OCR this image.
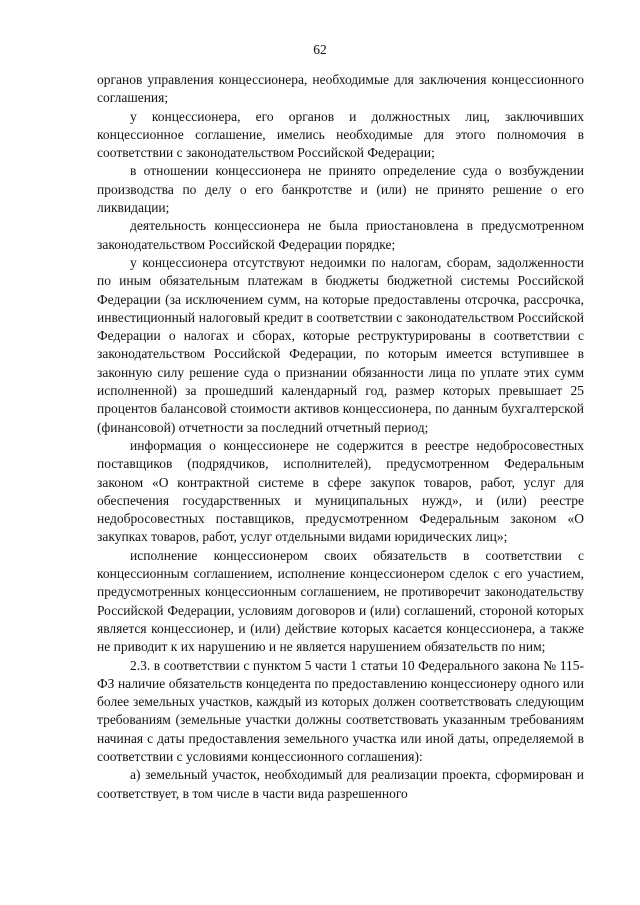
62

органов управления концессионера, необходимые для заключения концессионного соглашения;

у концессионера, его органов и должностных лиц, заключивших концессионное соглашение, имелись необходимые для этого полномочия в соответствии с законодательством Российской Федерации;

в отношении концессионера не принято определение суда о возбуждении производства по делу о его банкротстве и (или) не принято решение о его ликвидации;

деятельность концессионера не была приостановлена в предусмотренном законодательством Российской Федерации порядке;

у концессионера отсутствуют недоимки по налогам, сборам, задолженности по иным обязательным платежам в бюджеты бюджетной системы Российской Федерации (за исключением сумм, на которые предоставлены отсрочка, рассрочка, инвестиционный налоговый кредит в соответствии с законодательством Российской Федерации о налогах и сборах, которые реструктурированы в соответствии с законодательством Российской Федерации, по которым имеется вступившее в законную силу решение суда о признании обязанности лица по уплате этих сумм исполненной) за прошедший календарный год, размер которых превышает 25 процентов балансовой стоимости активов концессионера, по данным бухгалтерской (финансовой) отчетности за последний отчетный период;

информация о концессионере не содержится в реестре недобросовестных поставщиков (подрядчиков, исполнителей), предусмотренном Федеральным законом «О контрактной системе в сфере закупок товаров, работ, услуг для обеспечения государственных и муниципальных нужд», и (или) реестре недобросовестных поставщиков, предусмотренном Федеральным законом «О закупках товаров, работ, услуг отдельными видами юридических лиц»;

исполнение концессионером своих обязательств в соответствии с концессионным соглашением, исполнение концессионером сделок с его участием, предусмотренных концессионным соглашением, не противоречит законодательству Российской Федерации, условиям договоров и (или) соглашений, стороной которых является концессионер, и (или) действие которых касается концессионера, а также не приводит к их нарушению и не является нарушением обязательств по ним;

2.3. в соответствии с пунктом 5 части 1 статьи 10 Федерального закона № 115-ФЗ наличие обязательств концедента по предоставлению концессионеру одного или более земельных участков, каждый из которых должен соответствовать следующим требованиям (земельные участки должны соответствовать указанным требованиям начиная с даты предоставления земельного участка или иной даты, определяемой в соответствии с условиями концессионного соглашения):

а) земельный участок, необходимый для реализации проекта, сформирован и соответствует, в том числе в части вида разрешенного
